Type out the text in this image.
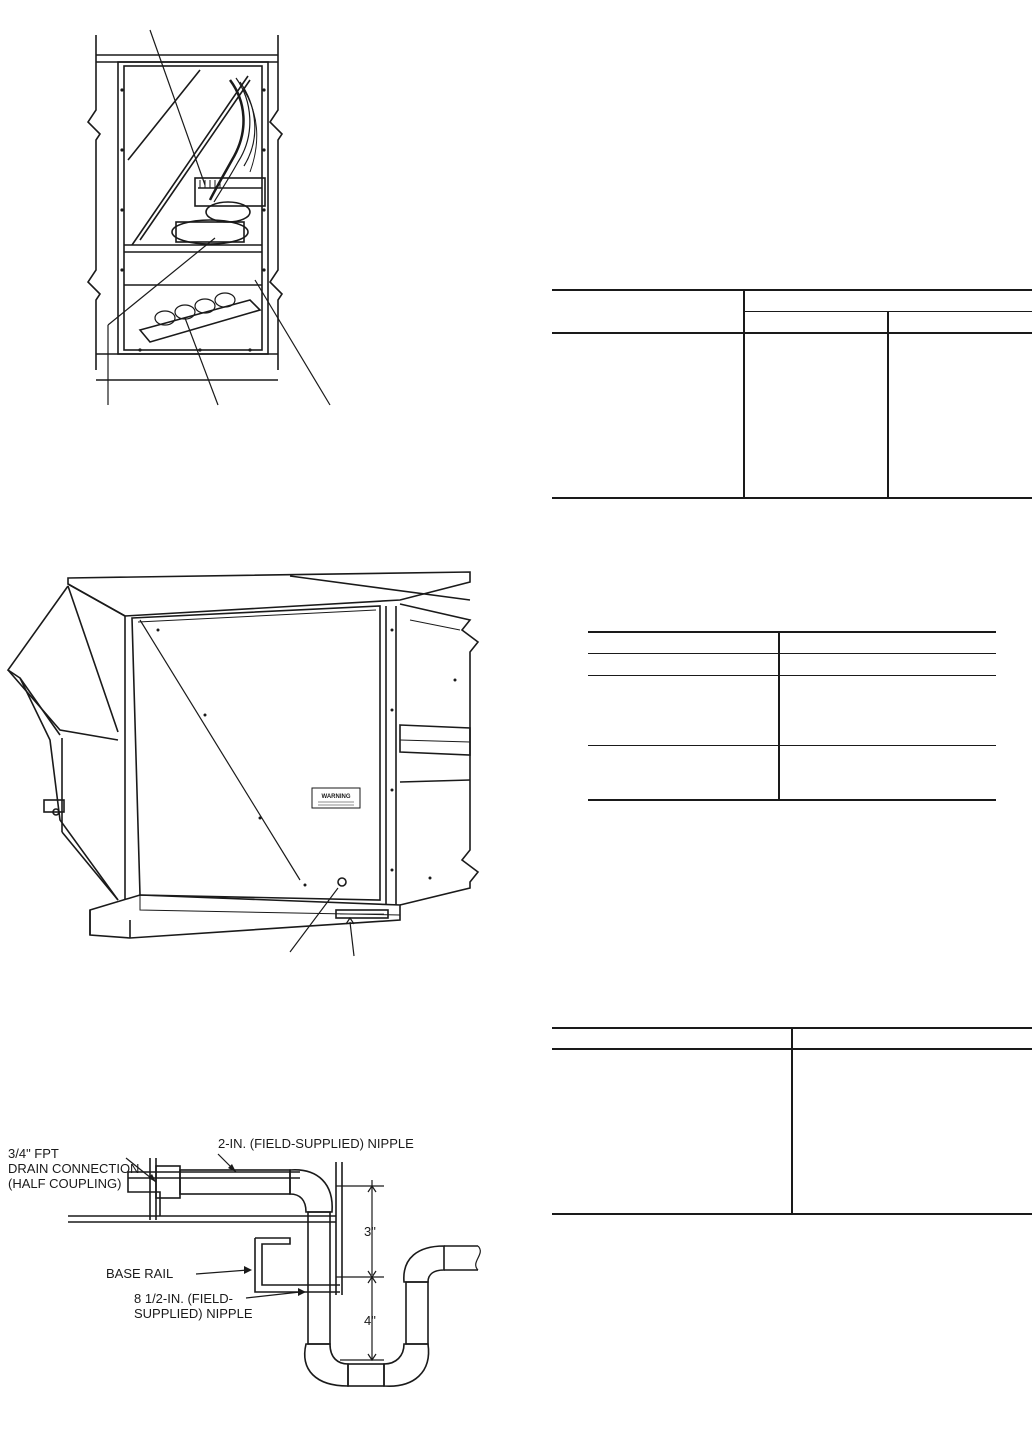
WARNING
3/4" FPT
DRAIN CONNECTION
(HALF COUPLING)
2-IN. (FIELD-SUPPLIED) NIPPLE
BASE RAIL
8 1/2-IN. (FIELD-
SUPPLIED) NIPPLE
3"
4"
